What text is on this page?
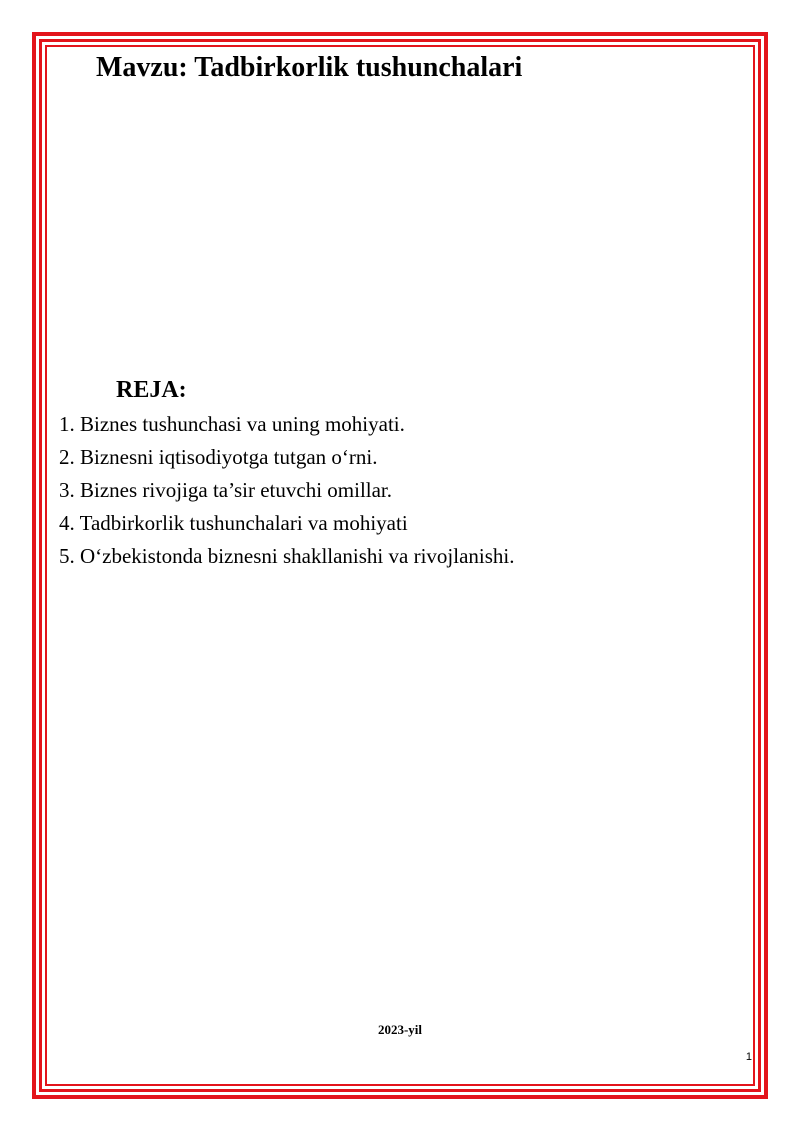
Mavzu: Tadbirkorlik tushunchalari
REJA:
1. Biznes tushunchasi va uning mohiyati.
2. Biznesni iqtisodiyotga tutgan o‘rni.
3. Biznes rivojiga ta’sir etuvchi omillar.
4. Tadbirkorlik tushunchalari va mohiyati
5. O‘zbekistonda biznesni shakllanishi va rivojlanishi.
2023-yil
1
